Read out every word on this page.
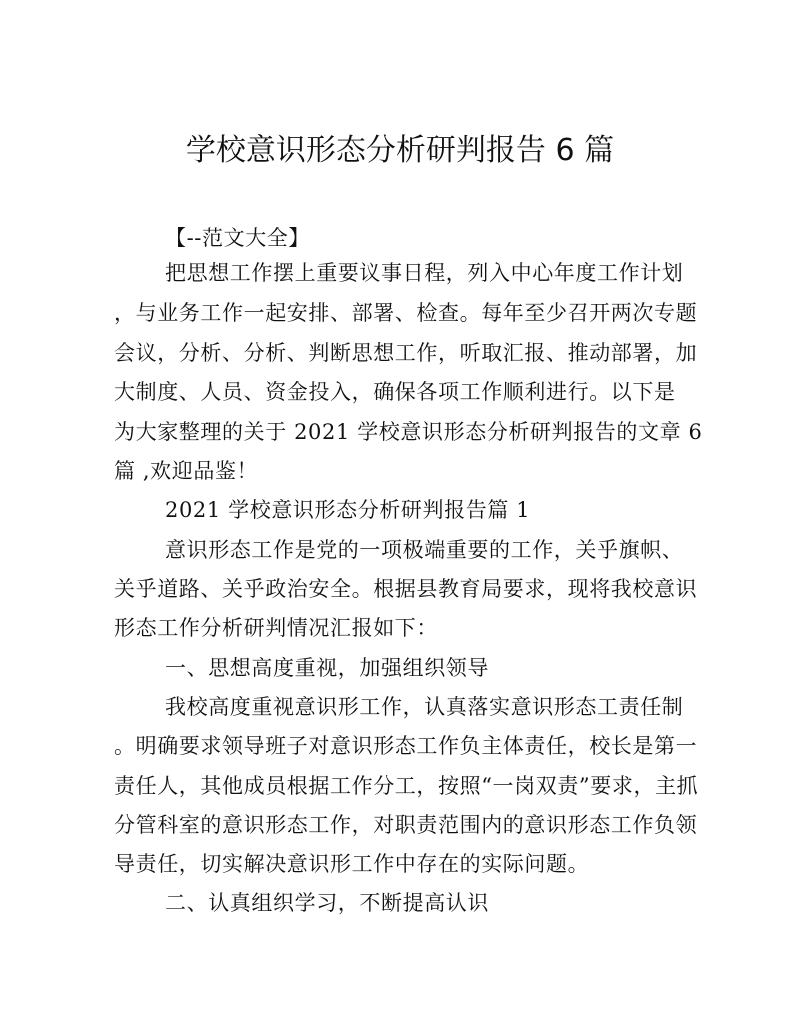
学校意识形态分析研判报告 6 篇
【--范文大全】
把思想工作摆上重要议事日程，列入中心年度工作计划
，与业务工作一起安排、部署、检查。每年至少召开两次专题
会议，分析、分析、判断思想工作，听取汇报、推动部署，加
大制度、人员、资金投入，确保各项工作顺利进行。以下是
为大家整理的关于 2021 学校意识形态分析研判报告的文章 6
篇 ,欢迎品鉴！
2021 学校意识形态分析研判报告篇 1
意识形态工作是党的一项极端重要的工作，关乎旗帜、
关乎道路、关乎政治安全。根据县教育局要求，现将我校意识
形态工作分析研判情况汇报如下：
一、思想高度重视，加强组织领导
我校高度重视意识形工作，认真落实意识形态工责任制
。明确要求领导班子对意识形态工作负主体责任，校长是第一
责任人，其他成员根据工作分工，按照“一岗双责”要求，主抓
分管科室的意识形态工作，对职责范围内的意识形态工作负领
导责任，切实解决意识形工作中存在的实际问题。
二、认真组织学习，不断提高认识
